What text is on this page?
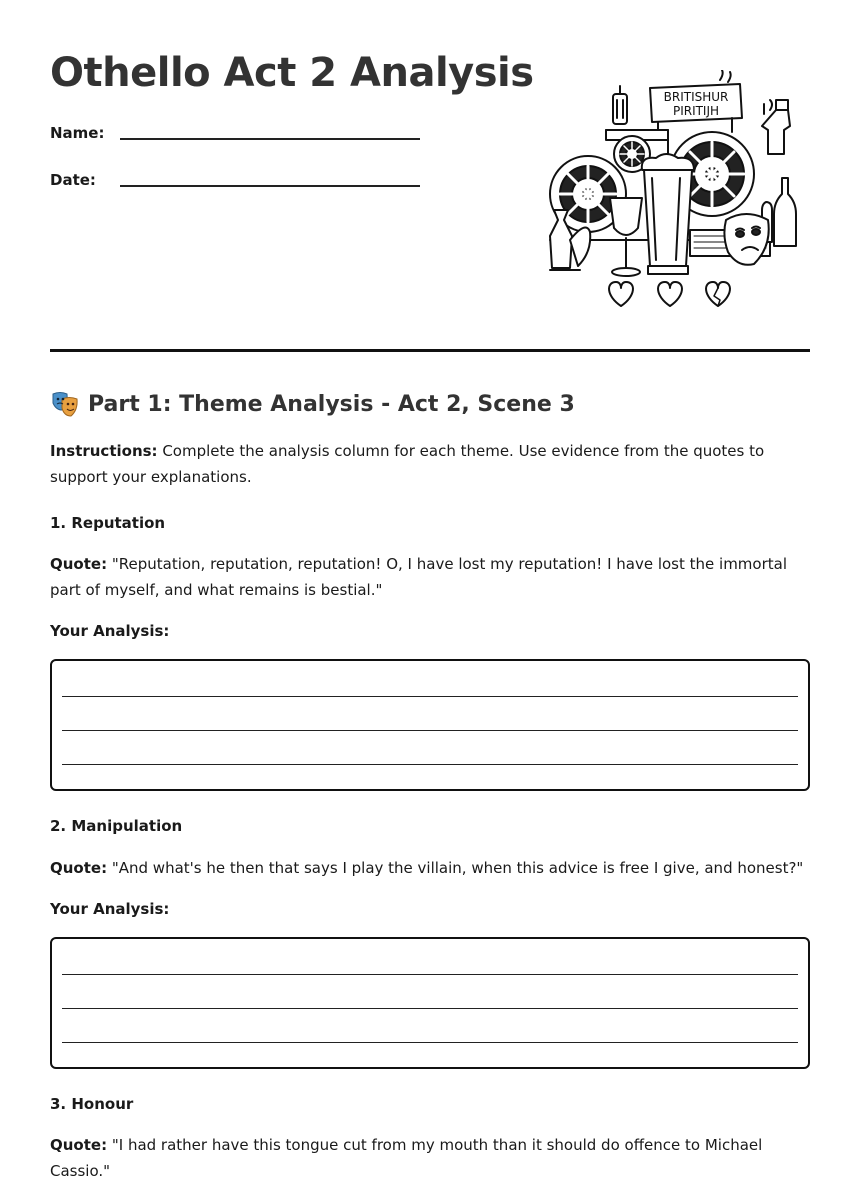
Othello Act 2 Analysis
Name:
Date:
BRITISHUR
PIRITIJH
Part 1: Theme Analysis - Act 2, Scene 3

Instructions: Complete the analysis column for each theme. Use evidence from the quotes to support your explanations.

1. Reputation

Quote: "Reputation, reputation, reputation! O, I have lost my reputation! I have lost the immortal part of myself, and what remains is bestial."

Your Analysis:

2. Manipulation

Quote: "And what's he then that says I play the villain, when this advice is free I give, and honest?"

Your Analysis:

3. Honour

Quote: "I had rather have this tongue cut from my mouth than it should do offence to Michael Cassio."
